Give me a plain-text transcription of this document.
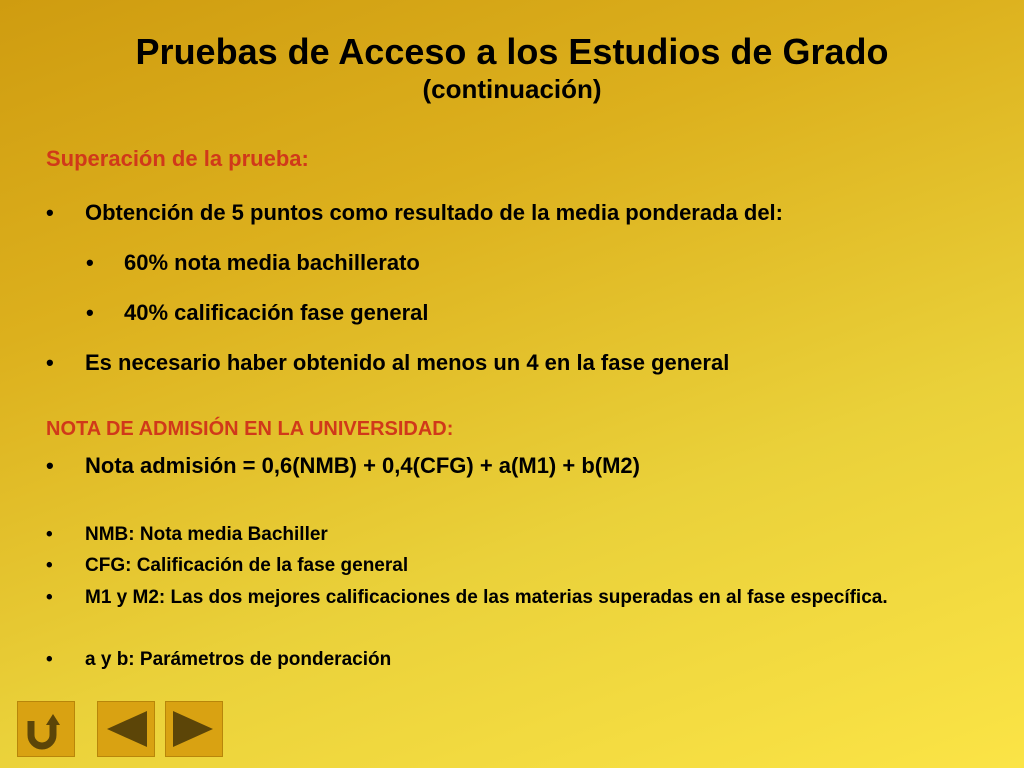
Pruebas de Acceso a los Estudios de Grado
(continuación)
Superación de la prueba:
•	Obtención de 5 puntos como resultado de la media ponderada del:
•	60% nota media bachillerato
•	40% calificación fase general
•	Es necesario haber obtenido al menos un 4 en la fase general
NOTA DE ADMISIÓN EN LA UNIVERSIDAD:
•	Nota admisión = 0,6(NMB) + 0,4(CFG) + a(M1) + b(M2)
•	NMB: Nota media Bachiller
•	CFG: Calificación de la fase general
•	M1 y M2: Las dos mejores calificaciones de las materias superadas en al fase específica.
•	a y b: Parámetros de ponderación
